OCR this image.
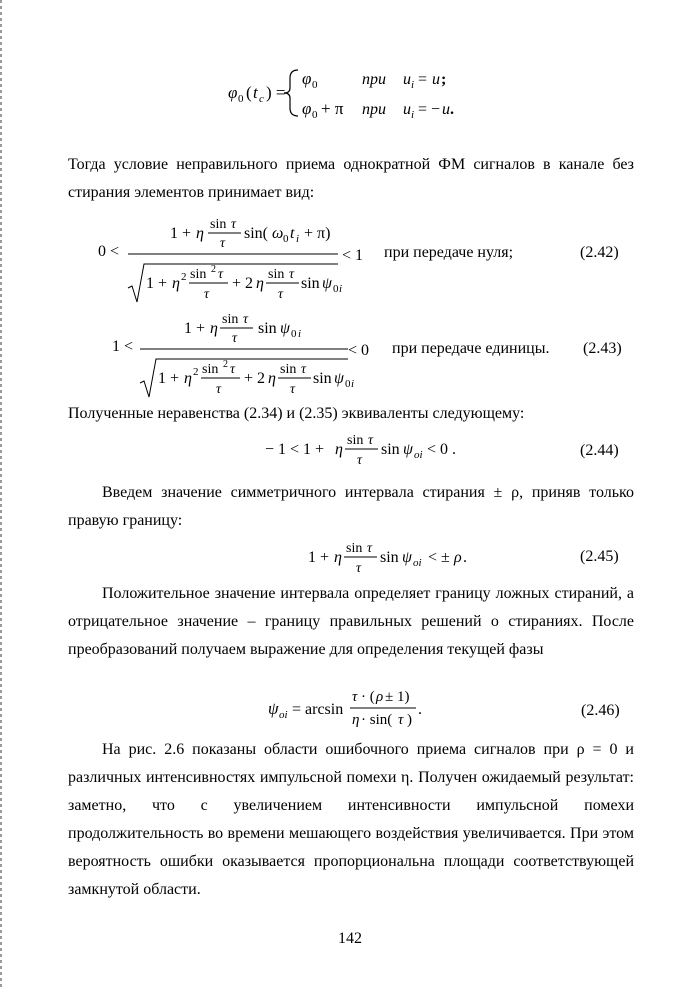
φ 0 ( t c ) =
φ 0	при u i = u ;
φ 0 + π при u i = − u .
Тогда условие неправильного приема однократной ФМ сигналов в канале без стирания элементов принимает вид:
0 <
1 + η
sin τ
τ
sin( ω 0 t i + π)
< 1
1 + η 2 sin 2 τ
τ
+ 2 η
sin τ
τ
sin ψ 0 i
при передаче нуля;	(2.42)
1 <
1 + η
sin τ
τ
sin ψ 0 i
< 0
1 + η 2 sin 2 τ
τ
+ 2 η
sin τ
τ
sin ψ 0 i
при передаче единицы. (2.43)
Полученные неравенства (2.34) и (2.35) эквиваленты следующему:
− 1 < 1 + η
sin τ
τ
sin ψ oi < 0 .	(2.44)
Введем значение симметричного интервала стирания ± ρ, приняв только правую границу:
1 + η
sin τ
τ
sin ψ oi < ± ρ .	(2.45)
Положительное значение интервала определяет границу ложных стираний, а отрицательное значение – границу правильных решений о стираниях. После преобразований получаем выражение для определения текущей фазы
ψ oi = arcsin
τ · ( ρ ± 1)
η · sin( τ )
.	(2.46)
На рис. 2.6 показаны области ошибочного приема сигналов при ρ = 0 и различных интенсивностях импульсной помехи η. Получен ожидаемый результат: заметно, что с увеличением интенсивности импульсной помехи продолжительность во времени мешающего воздействия увеличивается. При этом вероятность ошибки оказывается пропорциональна площади соответствующей замкнутой области.
142
